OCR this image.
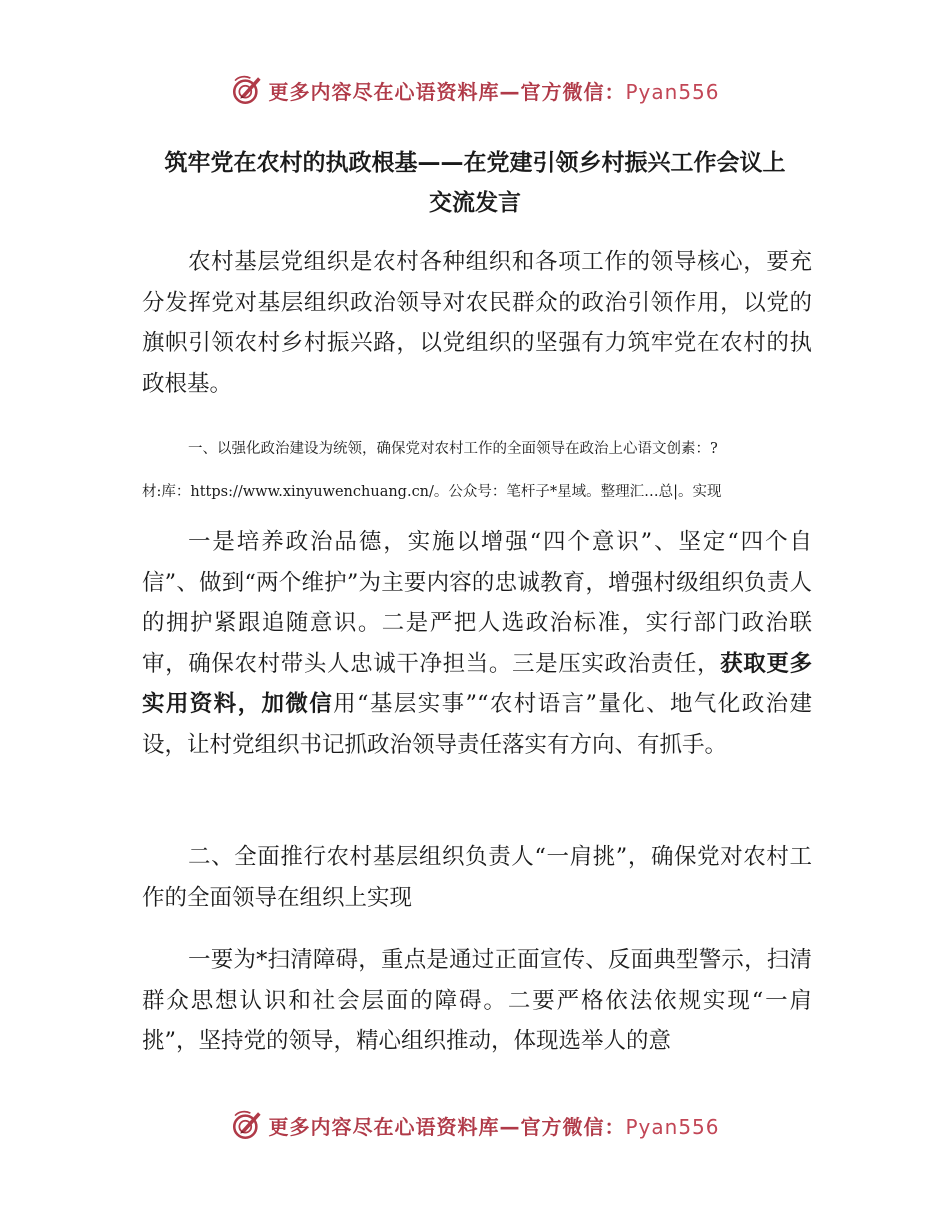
更多内容尽在心语资料库—官方微信：Pyan556
筑牢党在农村的执政根基——在党建引领乡村振兴工作会议上
交流发言

农村基层党组织是农村各种组织和各项工作的领导核心，要充分发挥党对基层组织政治领导对农民群众的政治引领作用，以党的旗帜引领农村乡村振兴路，以党组织的坚强有力筑牢党在农村的执政根基。

一、以强化政治建设为统领，确保党对农村工作的全面领导在政治上心语文创素：?

材:库：https://www.xinyuwenchuang.cn/。公众号：笔杆子*星域。整理汇…总|。实现

一是培养政治品德，实施以增强“四个意识”、坚定“四个自信”、做到“两个维护”为主要内容的忠诚教育，增强村级组织负责人的拥护紧跟追随意识。二是严把人选政治标准，实行部门政治联审，确保农村带头人忠诚干净担当。三是压实政治责任，获取更多实用资料，加微信用“基层实事”“农村语言”量化、地气化政治建设，让村党组织书记抓政治领导责任落实有方向、有抓手。

二、全面推行农村基层组织负责人“一肩挑”，确保党对农村工作的全面领导在组织上实现

一要为*扫清障碍，重点是通过正面宣传、反面典型警示，扫清群众思想认识和社会层面的障碍。二要严格依法依规实现“一肩挑”，坚持党的领导，精心组织推动，体现选举人的意

更多内容尽在心语资料库—官方微信：Pyan556
